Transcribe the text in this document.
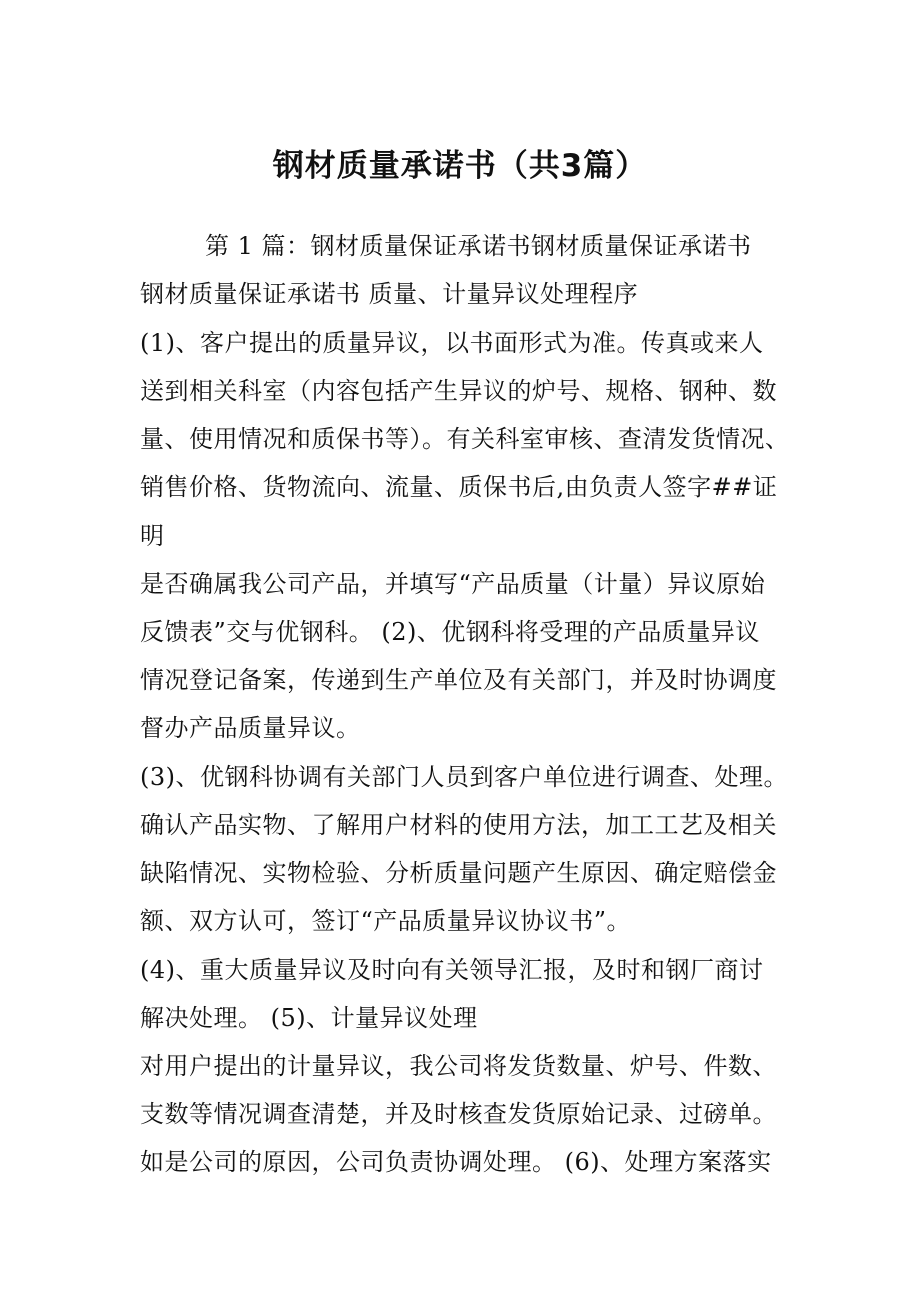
钢材质量承诺书（共3篇）
第 1 篇：钢材质量保证承诺书钢材质量保证承诺书
钢材质量保证承诺书 质量、计量异议处理程序
(1)、客户提出的质量异议，以书面形式为准。传真或来人
送到相关科室（内容包括产生异议的炉号、规格、钢种、数
量、使用情况和质保书等）。有关科室审核、查清发货情况、
销售价格、货物流向、流量、质保书后,由负责人签字##证
明
是否确属我公司产品，并填写“产品质量（计量）异议原始
反馈表”交与优钢科。 (2)、优钢科将受理的产品质量异议
情况登记备案，传递到生产单位及有关部门，并及时协调度
督办产品质量异议。
(3)、优钢科协调有关部门人员到客户单位进行调查、处理。
确认产品实物、了解用户材料的使用方法，加工工艺及相关
缺陷情况、实物检验、分析质量问题产生原因、确定赔偿金
额、双方认可，签订“产品质量异议协议书”。
(4)、重大质量异议及时向有关领导汇报，及时和钢厂商讨
解决处理。 (5)、计量异议处理
对用户提出的计量异议，我公司将发货数量、炉号、件数、
支数等情况调查清楚，并及时核查发货原始记录、过磅单。
如是公司的原因，公司负责协调处理。 (6)、处理方案落实
